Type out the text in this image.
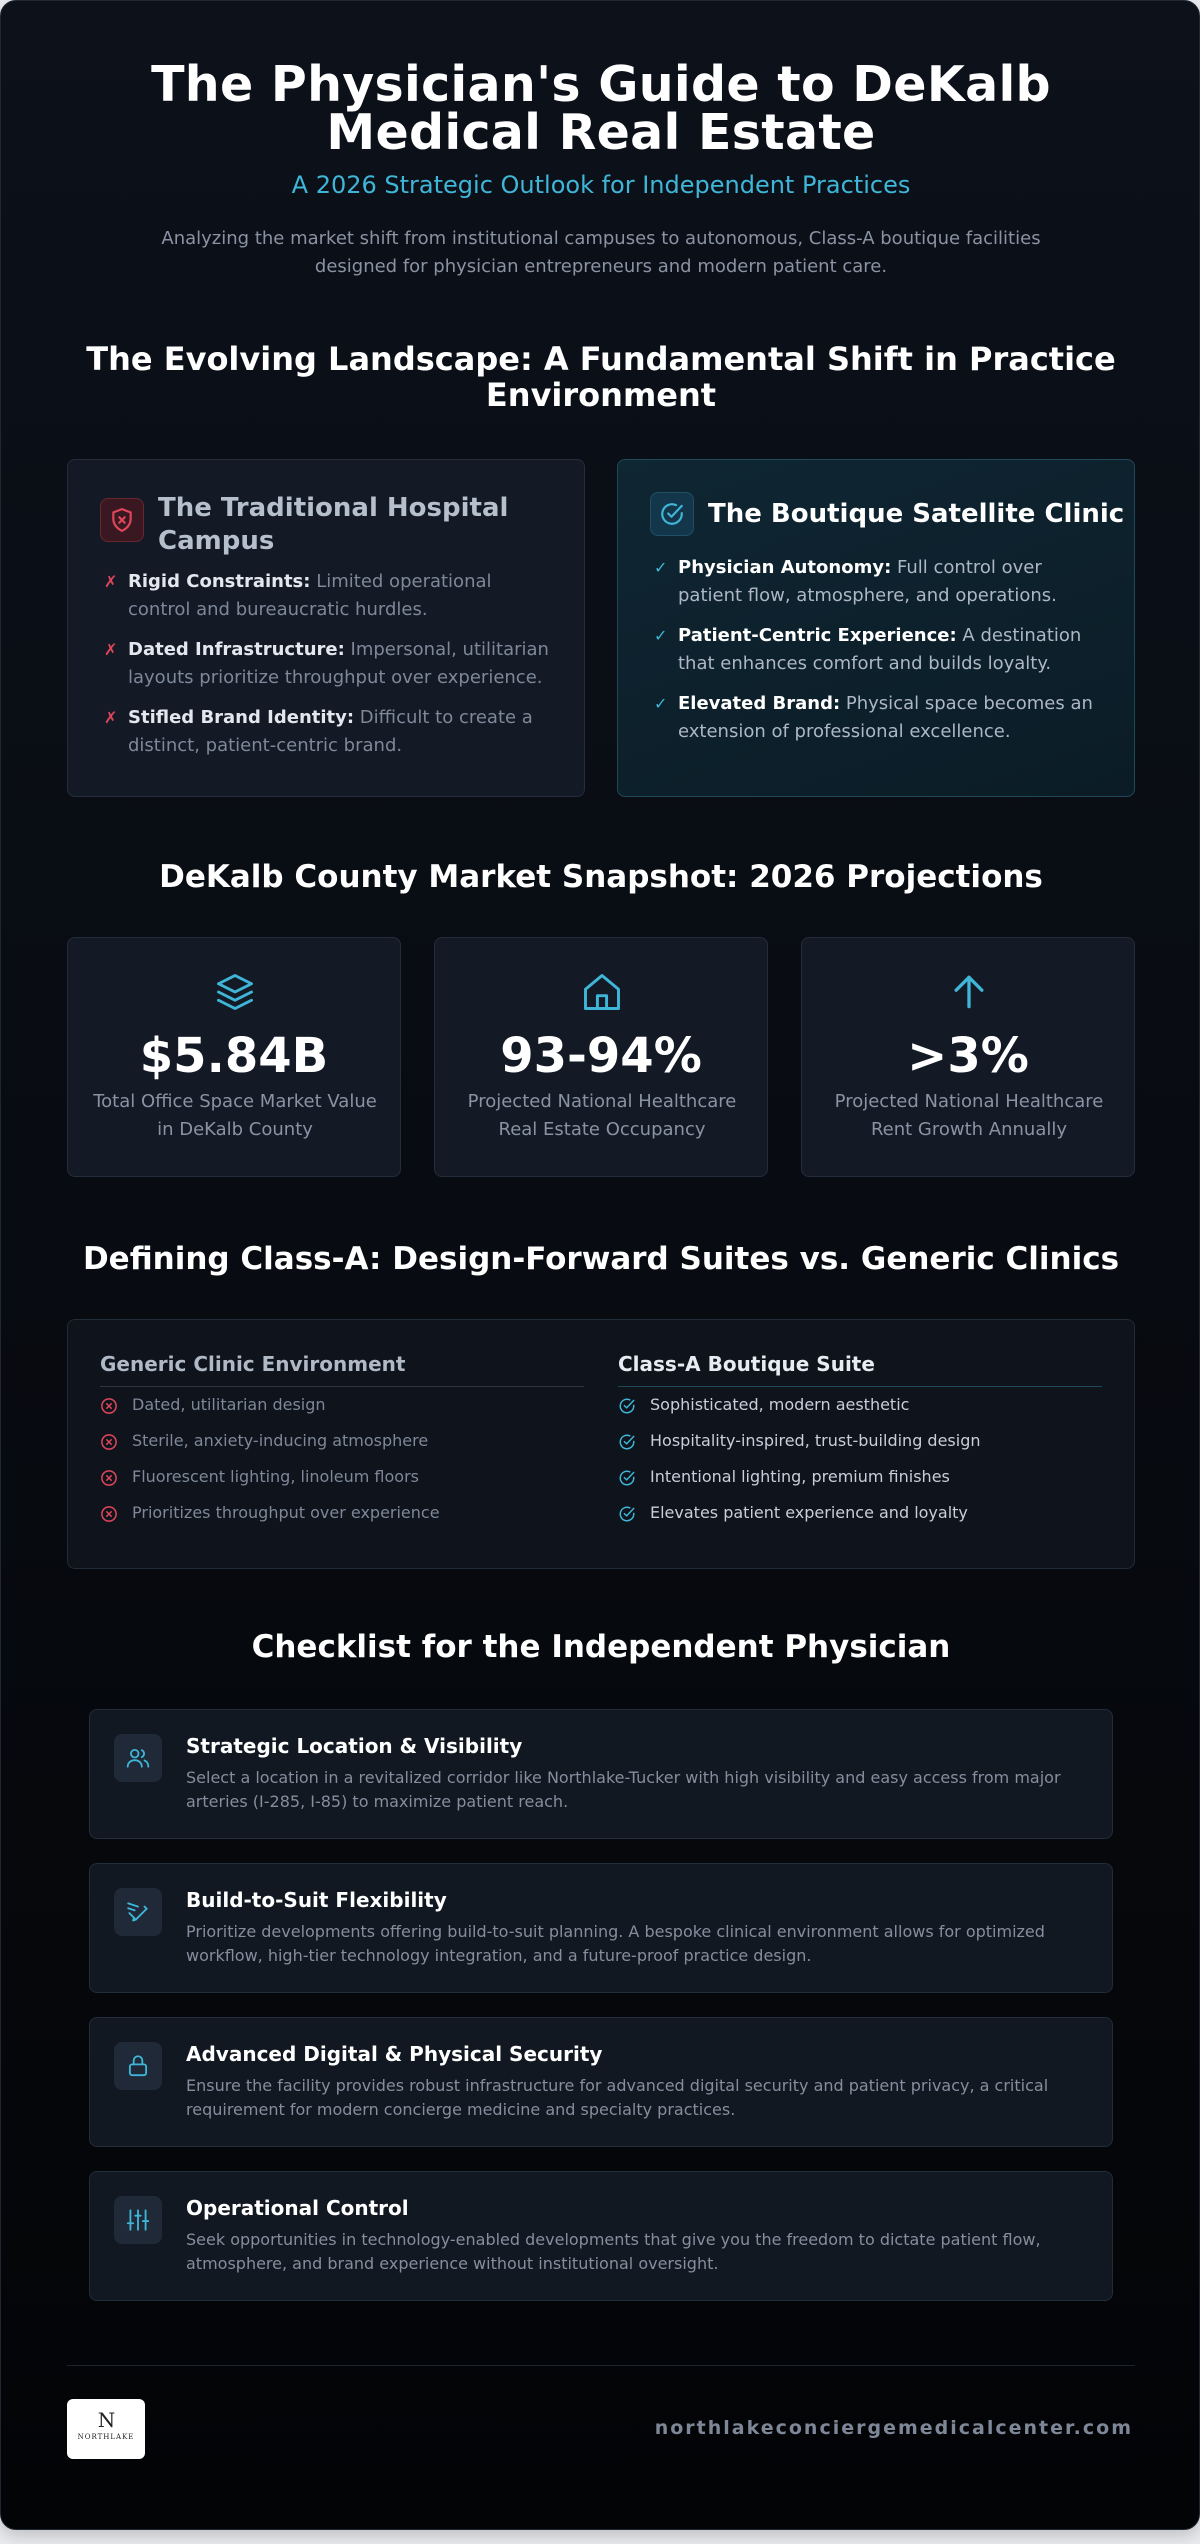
The Physician's Guide to DeKalb Medical Real Estate
A 2026 Strategic Outlook for Independent Practices

Analyzing the market shift from institutional campuses to autonomous, Class-A boutique facilities designed for physician entrepreneurs and modern patient care.

The Evolving Landscape: A Fundamental Shift in Practice Environment
The Traditional Hospital Campus
✗ Rigid Constraints: Limited operational control and bureaucratic hurdles.
✗ Dated Infrastructure: Impersonal, utilitarian layouts prioritize throughput over experience.
✗ Stifled Brand Identity: Difficult to create a distinct, patient-centric brand.
The Boutique Satellite Clinic
✓ Physician Autonomy: Full control over patient flow, atmosphere, and operations.
✓ Patient-Centric Experience: A destination that enhances comfort and builds loyalty.
✓ Elevated Brand: Physical space becomes an extension of professional excellence.
DeKalb County Market Snapshot: 2026 Projections
$5.84B
Total Office Space Market Value in DeKalb County
93-94%
Projected National Healthcare Real Estate Occupancy
>3%
Projected National Healthcare Rent Growth Annually
Defining Class-A: Design-Forward Suites vs. Generic Clinics
Generic Clinic Environment
Dated, utilitarian design
Sterile, anxiety-inducing atmosphere
Fluorescent lighting, linoleum floors
Prioritizes throughput over experience
Class-A Boutique Suite
Sophisticated, modern aesthetic
Hospitality-inspired, trust-building design
Intentional lighting, premium finishes
Elevates patient experience and loyalty
Checklist for the Independent Physician
Strategic Location & Visibility
Select a location in a revitalized corridor like Northlake-Tucker with high visibility and easy access from major arteries (I-285, I-85) to maximize patient reach.
Build-to-Suit Flexibility
Prioritize developments offering build-to-suit planning. A bespoke clinical environment allows for optimized workflow, high-tier technology integration, and a future-proof practice design.
Advanced Digital & Physical Security
Ensure the facility provides robust infrastructure for advanced digital security and patient privacy, a critical requirement for modern concierge medicine and specialty practices.
Operational Control
Seek opportunities in technology-enabled developments that give you the freedom to dictate patient flow, atmosphere, and brand experience without institutional oversight.
N
NORTHLAKE	northlakeconciergemedicalcenter.com
